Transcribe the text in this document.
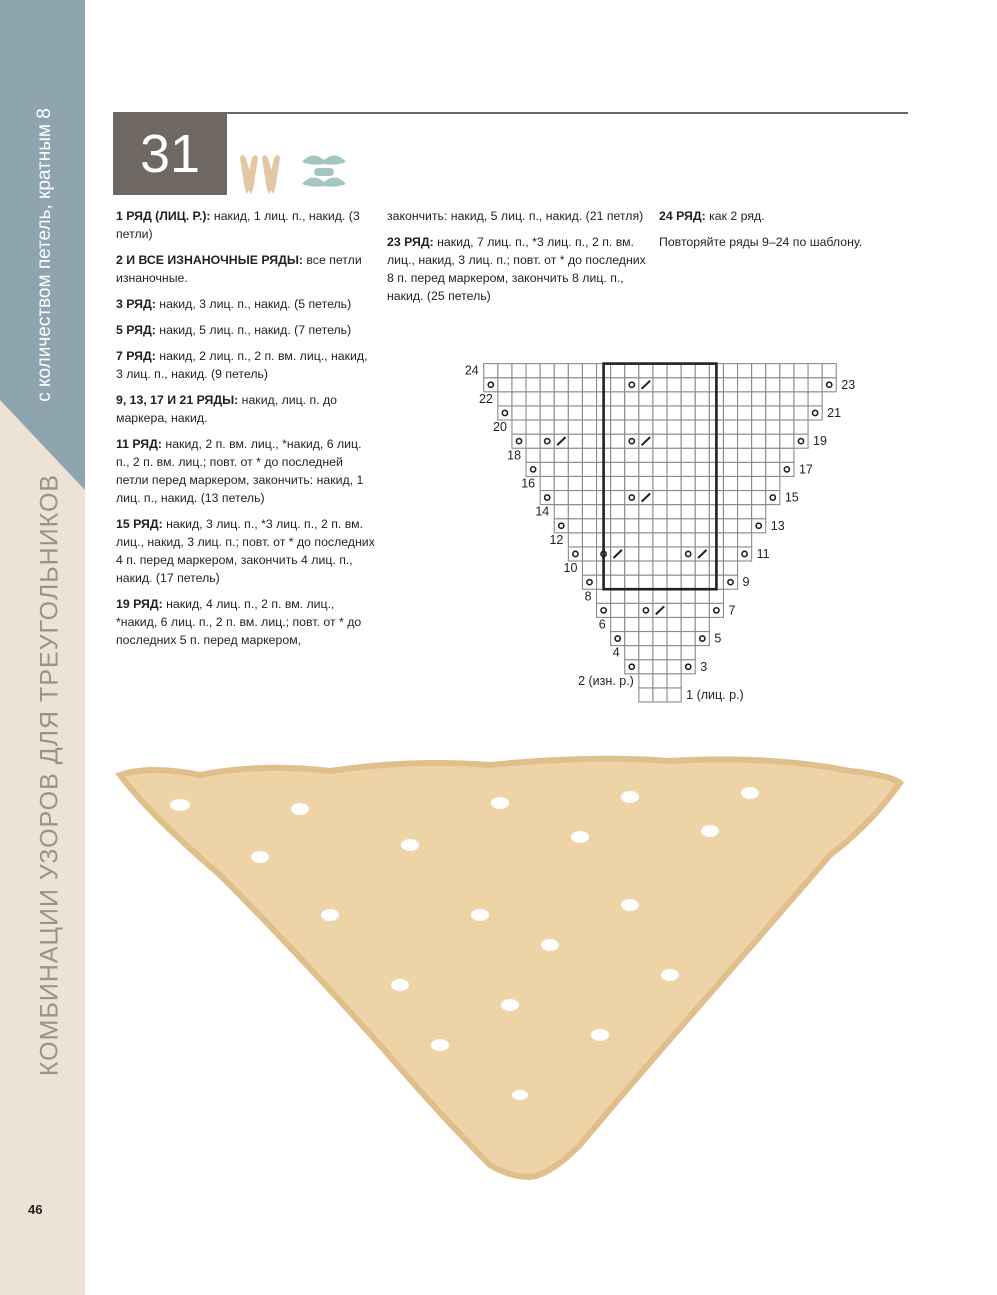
с количеством петель, кратным 8
КОМБИНАЦИИ УЗОРОВ ДЛЯ ТРЕУГОЛЬНИКОВ
31

1 РЯД (ЛИЦ. Р.): накид, 1 лиц. п., накид. (3 петли)

2 И ВСЕ ИЗНАНОЧНЫЕ РЯДЫ: все петли изнаночные.

3 РЯД: накид, 3 лиц. п., накид. (5 петель)

5 РЯД: накид, 5 лиц. п., накид. (7 петель)

7 РЯД: накид, 2 лиц. п., 2 п. вм. лиц., накид, 3 лиц. п., накид. (9 петель)

9, 13, 17 И 21 РЯДЫ: накид, лиц. п. до маркера, накид.

11 РЯД: накид, 2 п. вм. лиц., *накид, 6 лиц. п., 2 п. вм. лиц.; повт. от * до последней петли перед маркером, закончить: накид, 1 лиц. п., накид. (13 петель)

15 РЯД: накид, 3 лиц. п., *3 лиц. п., 2 п. вм. лиц., накид, 3 лиц. п.; повт. от * до последних 4 п. перед маркером, закончить 4 лиц. п., накид. (17 петель)

19 РЯД: накид, 4 лиц. п., 2 п. вм. лиц., *накид, 6 лиц. п., 2 п. вм. лиц.; повт. от * до последних 5 п. перед маркером,

закончить: накид, 5 лиц. п., накид. (21 петля)

23 РЯД: накид, 7 лиц. п., *3 лиц. п., 2 п. вм. лиц., накид, 3 лиц. п.; повт. от * до последних 8 п. перед маркером, закончить 8 лиц. п., накид. (25 петель)

24 РЯД: как 2 ряд.

Повторяйте ряды 9–24 по шаблону.

1 (лиц. р.)
2 (изн. р.)
3
4
5
6
7
8
9
10
11
12
13
14
15
16
17
18
19
20
21
22
23
24
46
